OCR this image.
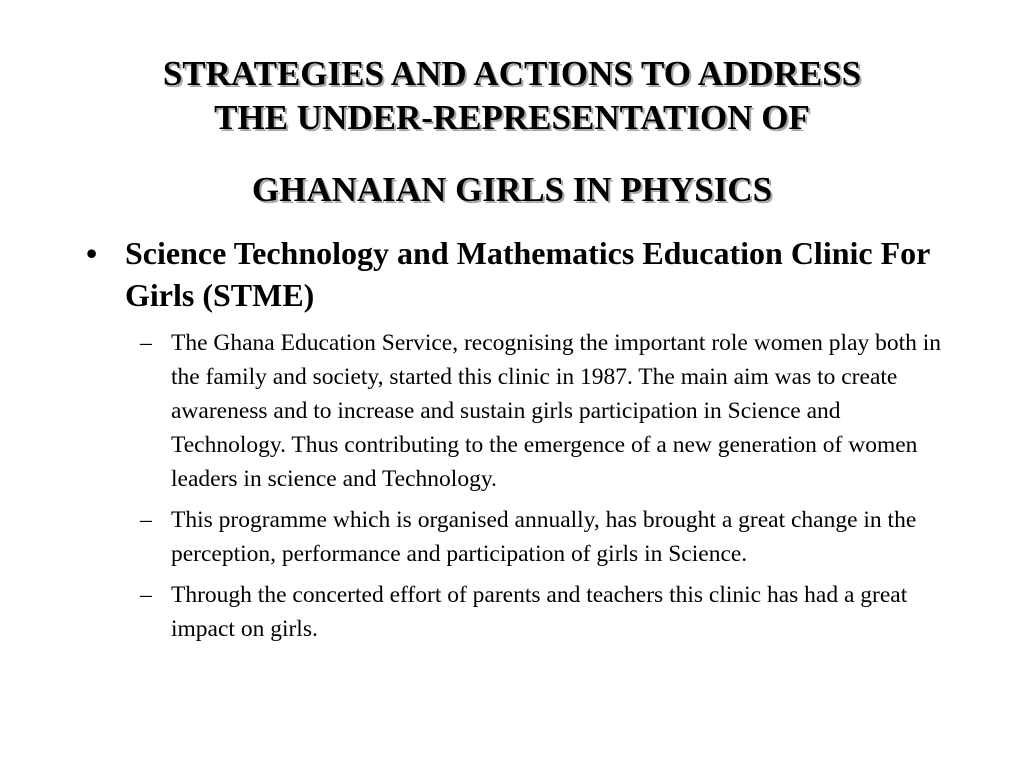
STRATEGIES AND ACTIONS TO ADDRESS
THE UNDER-REPRESENTATION OF
GHANAIAN GIRLS IN PHYSICS
• Science Technology and Mathematics Education Clinic For Girls (STME)
– The Ghana Education Service, recognising the important role women play both in the family and society, started this clinic in 1987. The main aim was to create awareness and to increase and sustain girls participation in Science and Technology. Thus contributing to the emergence of a new generation of women leaders in science and Technology.
– This programme which is organised annually, has brought a great change in the perception, performance and participation of girls in Science.
– Through the concerted effort of parents and teachers this clinic has had a great impact on girls.
